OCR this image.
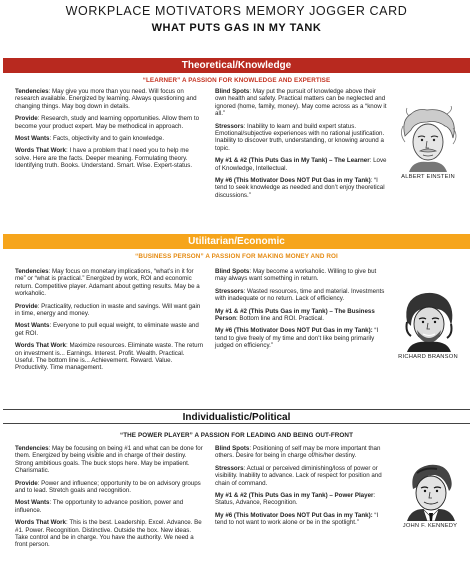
WORKPLACE MOTIVATORS MEMORY JOGGER CARD
WHAT PUTS GAS IN MY TANK
Theoretical/Knowledge
“LEARNER” A PASSION FOR KNOWLEDGE AND EXPERTISE
Tendencies: May give you more than you need. Will focus on research available. Energized by learning. Always questioning and changing things. May bog down in details.
Provide: Research, study and learning opportunities. Allow them to become your product expert. May be methodical in approach.
Most Wants: Facts, objectivity and to gain knowledge.
Words That Work: I have a problem that I need you to help me solve. Here are the facts. Deeper meaning. Formulating theory. Identifying truth. Books. Understand. Smart. Wise. Expert-status.
Blind Spots: May put the pursuit of knowledge above their own health and safety. Practical matters can be neglected and ignored (home, family, money). May come across as a “know it all.”
Stressors: Inability to learn and build expert status. Emotional/subjective experiences with no rational justification. Inability to discover truth, understanding, or knowing around a topic.
My #1 & #2 (This Puts Gas in My Tank) – The Learner: Love of Knowledge, Intellectual.
My #6 (This Motivator Does NOT Put Gas in my Tank): “I tend to seek knowledge as needed and don’t enjoy theoretical discussions.”
ALBERT EINSTEIN
Utilitarian/Economic
“BUSINESS PERSON” A PASSION FOR MAKING MONEY AND ROI
Tendencies: May focus on monetary implications, “what’s in it for me” or “what is practical.” Energized by work, ROI and economic return. Competitive player. Adamant about getting results. May be a workaholic.
Provide: Practicality, reduction in waste and savings. Will want gain in time, energy and money.
Most Wants: Everyone to pull equal weight, to eliminate waste and get ROI.
Words That Work: Maximize resources. Eliminate waste. The return on investment is... Earnings. Interest. Profit. Wealth. Practical. Useful. The bottom line is... Achievement. Reward. Value. Productivity. Time management.
Blind Spots: May become a workaholic. Willing to give but may always want something in return.
Stressors: Wasted resources, time and material. Investments with inadequate or no return. Lack of efficiency.
My #1 & #2 (This Puts Gas in my Tank) – The Business Person: Bottom line and ROI. Practical.
My #6 (This Motivator Does NOT Put Gas in my Tank): “I tend to give freely of my time and don’t like being primarily judged on efficiency.”
RICHARD BRANSON
Individualistic/Political
“THE POWER PLAYER” A PASSION FOR LEADING AND BEING OUT-FRONT
Tendencies: May be focusing on being #1 and what can be done for them. Energized by being visible and in charge of their destiny. Strong ambitious goals. The buck stops here. May be impatient. Charismatic.
Provide: Power and influence; opportunity to be on advisory groups and to lead. Stretch goals and recognition.
Most Wants: The opportunity to advance position, power and influence.
Words That Work: This is the best. Leadership. Excel. Advance. Be #1. Power. Recognition. Distinctive. Outside the box. New ideas. Take control and be in charge. You have the authority. We need a front person.
Blind Spots: Positioning of self may be more important than others. Desire for being in charge of/his/her destiny.
Stressors: Actual or perceived diminishing/loss of power or visibility. Inability to advance. Lack of respect for position and chain of command.
My #1 & #2 (This Puts Gas in my Tank) – Power Player: Status, Advance, Recognition.
My #6 (This Motivator Does NOT Put Gas in my Tank): “I tend to not want to work alone or be in the spotlight.”	JOHN F. KENNEDY
